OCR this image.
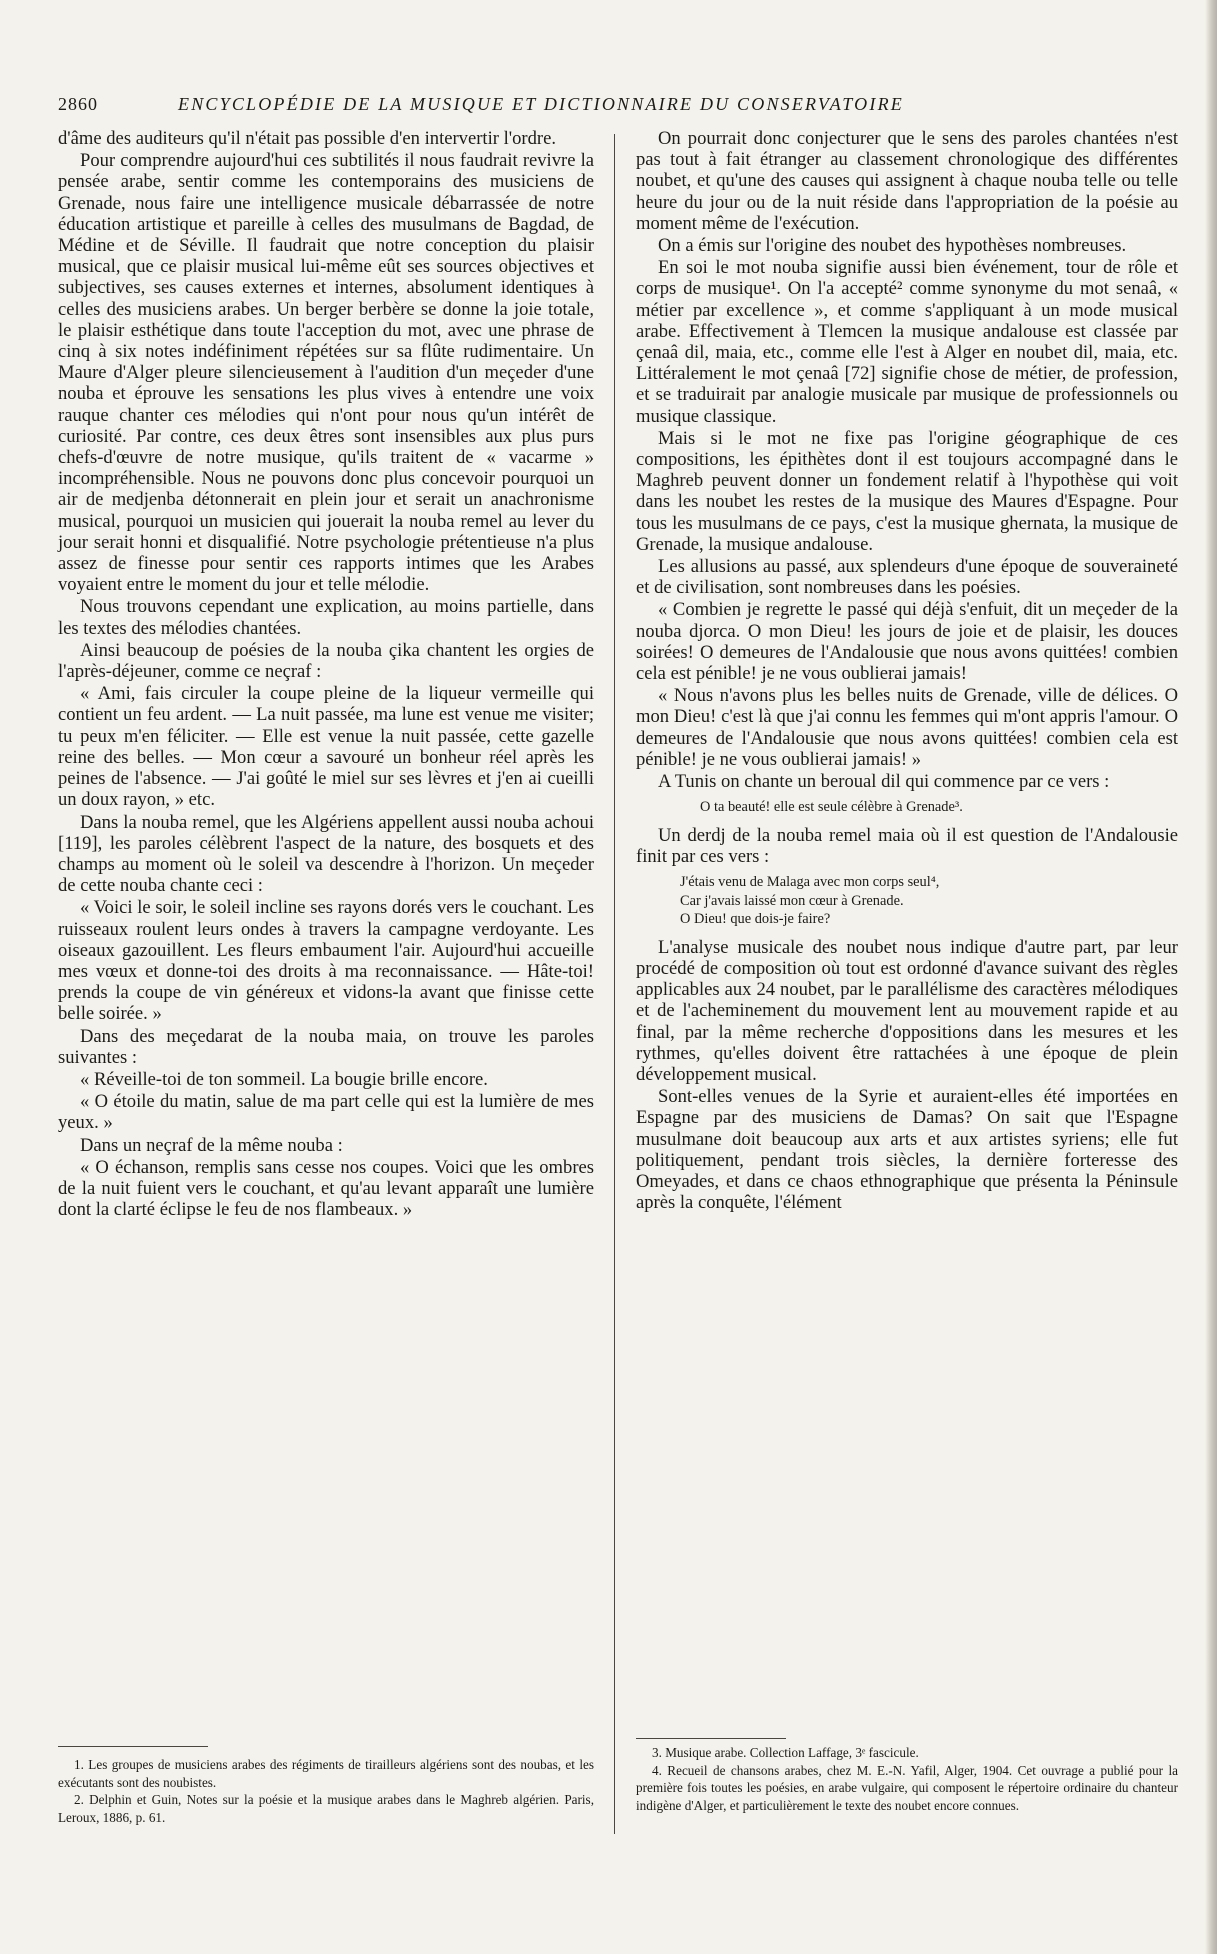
2860	ENCYCLOPÉDIE DE LA MUSIQUE ET DICTIONNAIRE DU CONSERVATOIRE

d'âme des auditeurs qu'il n'était pas possible d'en intervertir l'ordre.

Pour comprendre aujourd'hui ces subtilités il nous faudrait revivre la pensée arabe, sentir comme les contemporains des musiciens de Grenade, nous faire une intelligence musicale débarrassée de notre éducation artistique et pareille à celles des musulmans de Bagdad, de Médine et de Séville. Il faudrait que notre conception du plaisir musical, que ce plaisir musical lui-même eût ses sources objectives et subjectives, ses causes externes et internes, absolument identiques à celles des musiciens arabes. Un berger berbère se donne la joie totale, le plaisir esthétique dans toute l'acception du mot, avec une phrase de cinq à six notes indéfiniment répétées sur sa flûte rudimentaire. Un Maure d'Alger pleure silencieusement à l'audition d'un meçeder d'une nouba et éprouve les sensations les plus vives à entendre une voix rauque chanter ces mélodies qui n'ont pour nous qu'un intérêt de curiosité. Par contre, ces deux êtres sont insensibles aux plus purs chefs-d'œuvre de notre musique, qu'ils traitent de « vacarme » incompréhensible. Nous ne pouvons donc plus concevoir pourquoi un air de medjenba détonnerait en plein jour et serait un anachronisme musical, pourquoi un musicien qui jouerait la nouba remel au lever du jour serait honni et disqualifié. Notre psychologie prétentieuse n'a plus assez de finesse pour sentir ces rapports intimes que les Arabes voyaient entre le moment du jour et telle mélodie.

Nous trouvons cependant une explication, au moins partielle, dans les textes des mélodies chantées.

Ainsi beaucoup de poésies de la nouba çika chantent les orgies de l'après-déjeuner, comme ce neçraf :

« Ami, fais circuler la coupe pleine de la liqueur vermeille qui contient un feu ardent. — La nuit passée, ma lune est venue me visiter; tu peux m'en féliciter. — Elle est venue la nuit passée, cette gazelle reine des belles. — Mon cœur a savouré un bonheur réel après les peines de l'absence. — J'ai goûté le miel sur ses lèvres et j'en ai cueilli un doux rayon, » etc.

Dans la nouba remel, que les Algériens appellent aussi nouba achoui [119], les paroles célèbrent l'aspect de la nature, des bosquets et des champs au moment où le soleil va descendre à l'horizon. Un meçeder de cette nouba chante ceci :

« Voici le soir, le soleil incline ses rayons dorés vers le couchant. Les ruisseaux roulent leurs ondes à travers la campagne verdoyante. Les oiseaux gazouillent. Les fleurs embaument l'air. Aujourd'hui accueille mes vœux et donne-toi des droits à ma reconnaissance. — Hâte-toi! prends la coupe de vin généreux et vidons-la avant que finisse cette belle soirée. »

Dans des meçedarat de la nouba maia, on trouve les paroles suivantes :

« Réveille-toi de ton sommeil. La bougie brille encore.

« O étoile du matin, salue de ma part celle qui est la lumière de mes yeux. »

Dans un neçraf de la même nouba :

« O échanson, remplis sans cesse nos coupes. Voici que les ombres de la nuit fuient vers le couchant, et qu'au levant apparaît une lumière dont la clarté éclipse le feu de nos flambeaux. »

On pourrait donc conjecturer que le sens des paroles chantées n'est pas tout à fait étranger au classement chronologique des différentes noubet, et qu'une des causes qui assignent à chaque nouba telle ou telle heure du jour ou de la nuit réside dans l'appropriation de la poésie au moment même de l'exécution.

On a émis sur l'origine des noubet des hypothèses nombreuses.

En soi le mot nouba signifie aussi bien événement, tour de rôle et corps de musique¹. On l'a accepté² comme synonyme du mot senaâ, « métier par excellence », et comme s'appliquant à un mode musical arabe. Effectivement à Tlemcen la musique andalouse est classée par çenaâ dil, maia, etc., comme elle l'est à Alger en noubet dil, maia, etc. Littéralement le mot çenaâ [72] signifie chose de métier, de profession, et se traduirait par analogie musicale par musique de professionnels ou musique classique.

Mais si le mot ne fixe pas l'origine géographique de ces compositions, les épithètes dont il est toujours accompagné dans le Maghreb peuvent donner un fondement relatif à l'hypothèse qui voit dans les noubet les restes de la musique des Maures d'Espagne. Pour tous les musulmans de ce pays, c'est la musique ghernata, la musique de Grenade, la musique andalouse.

Les allusions au passé, aux splendeurs d'une époque de souveraineté et de civilisation, sont nombreuses dans les poésies.

« Combien je regrette le passé qui déjà s'enfuit, dit un meçeder de la nouba djorca. O mon Dieu! les jours de joie et de plaisir, les douces soirées! O demeures de l'Andalousie que nous avons quittées! combien cela est pénible! je ne vous oublierai jamais!

« Nous n'avons plus les belles nuits de Grenade, ville de délices. O mon Dieu! c'est là que j'ai connu les femmes qui m'ont appris l'amour. O demeures de l'Andalousie que nous avons quittées! combien cela est pénible! je ne vous oublierai jamais! »

A Tunis on chante un beroual dil qui commence par ce vers :

O ta beauté! elle est seule célèbre à Grenade³.

Un derdj de la nouba remel maia où il est question de l'Andalousie finit par ces vers :

J'étais venu de Malaga avec mon corps seul⁴,
Car j'avais laissé mon cœur à Grenade.
O Dieu! que dois-je faire?

L'analyse musicale des noubet nous indique d'autre part, par leur procédé de composition où tout est ordonné d'avance suivant des règles applicables aux 24 noubet, par le parallélisme des caractères mélodiques et de l'acheminement du mouvement lent au mouvement rapide et au final, par la même recherche d'oppositions dans les mesures et les rythmes, qu'elles doivent être rattachées à une époque de plein développement musical.

Sont-elles venues de la Syrie et auraient-elles été importées en Espagne par des musiciens de Damas? On sait que l'Espagne musulmane doit beaucoup aux arts et aux artistes syriens; elle fut politiquement, pendant trois siècles, la dernière forteresse des Omeyades, et dans ce chaos ethnographique que présenta la Péninsule après la conquête, l'élément

1. Les groupes de musiciens arabes des régiments de tirailleurs algériens sont des noubas, et les exécutants sont des noubistes.

2. Delphin et Guin, Notes sur la poésie et la musique arabes dans le Maghreb algérien. Paris, Leroux, 1886, p. 61.

3. Musique arabe. Collection Laffage, 3ᵉ fascicule.

4. Recueil de chansons arabes, chez M. E.-N. Yafil, Alger, 1904. Cet ouvrage a publié pour la première fois toutes les poésies, en arabe vulgaire, qui composent le répertoire ordinaire du chanteur indigène d'Alger, et particulièrement le texte des noubet encore connues.
